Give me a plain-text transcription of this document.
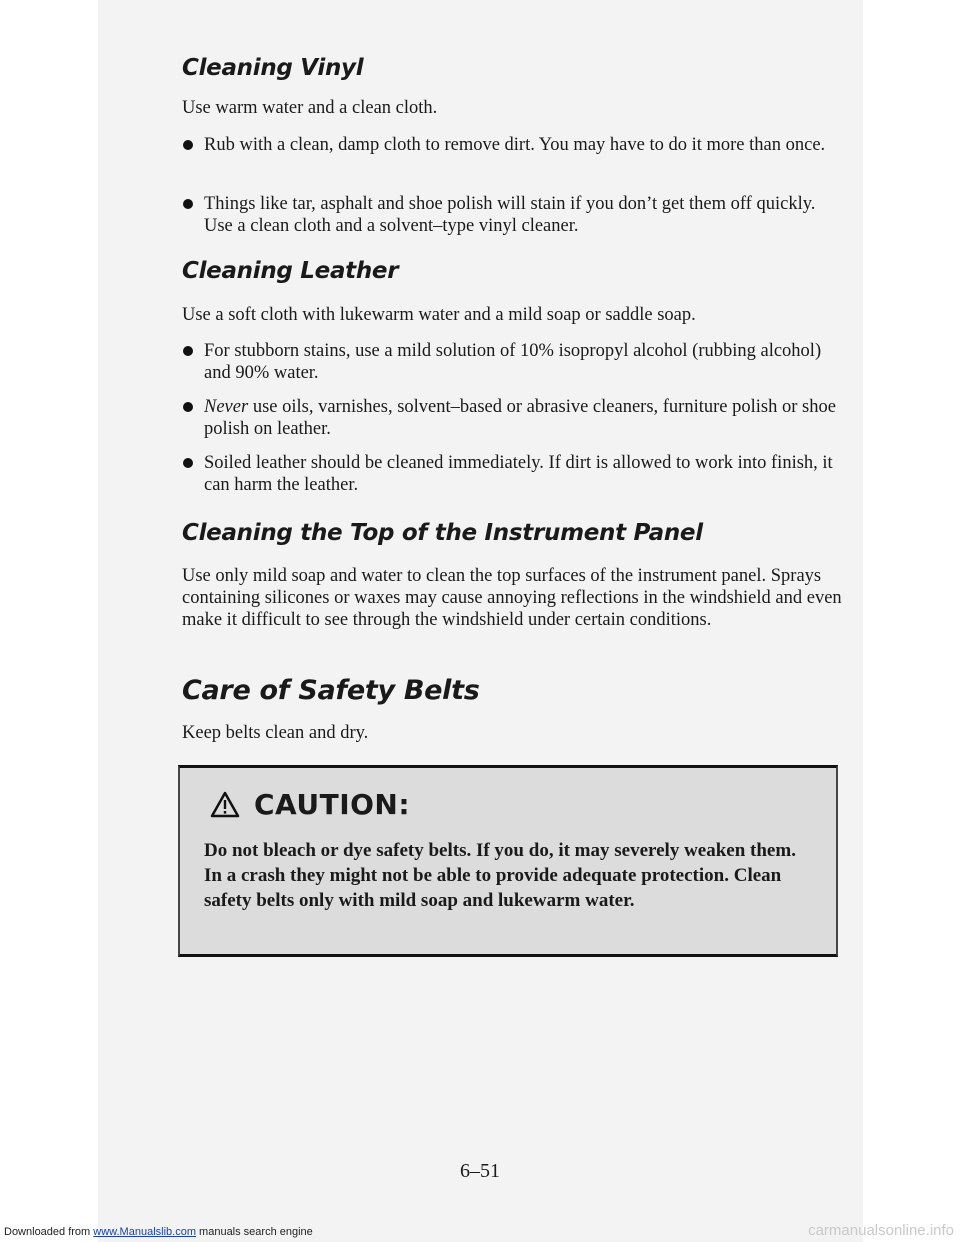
Cleaning Vinyl

Use warm water and a clean cloth.

Rub with a clean, damp cloth to remove dirt. You may have to do it more than once.
Things like tar, asphalt and shoe polish will stain if you don’t get them off quickly. Use a clean cloth and a solvent–type vinyl cleaner.
Cleaning Leather

Use a soft cloth with lukewarm water and a mild soap or saddle soap.

For stubborn stains, use a mild solution of 10% isopropyl alcohol (rubbing alcohol) and 90% water.
Never use oils, varnishes, solvent–based or abrasive cleaners, furniture polish or shoe polish on leather.
Soiled leather should be cleaned immediately. If dirt is allowed to work into finish, it can harm the leather.
Cleaning the Top of the Instrument Panel

Use only mild soap and water to clean the top surfaces of the instrument panel. Sprays containing silicones or waxes may cause annoying reflections in the windshield and even make it difficult to see through the windshield under certain conditions.

Care of Safety Belts

Keep belts clean and dry.

CAUTION:
Do not bleach or dye safety belts. If you do, it may severely weaken them. In a crash they might not be able to provide adequate protection. Clean safety belts only with mild soap and lukewarm water.
6–51
Downloaded from www.Manualslib.com manuals search engine	carmanualsonline.info
